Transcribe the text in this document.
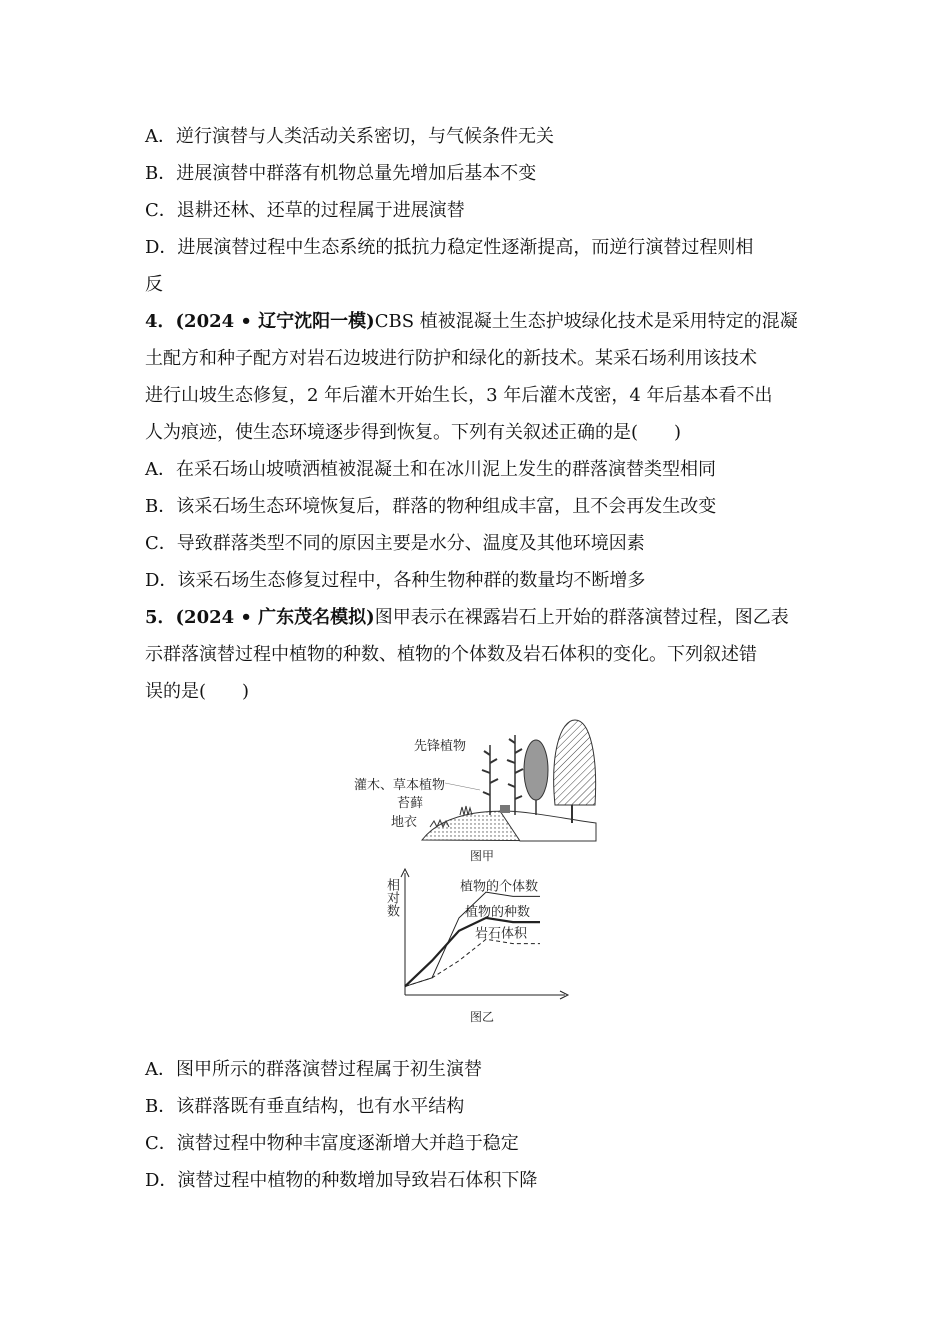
A．逆行演替与人类活动关系密切，与气候条件无关
B．进展演替中群落有机物总量先增加后基本不变
C．退耕还林、还草的过程属于进展演替
D．进展演替过程中生态系统的抵抗力稳定性逐渐提高，而逆行演替过程则相
反
4．(2024 • 辽宁沈阳一模)CBS 植被混凝土生态护坡绿化技术是采用特定的混凝
土配方和种子配方对岩石边坡进行防护和绿化的新技术。某采石场利用该技术
进行山坡生态修复，2 年后灌木开始生长，3 年后灌木茂密，4 年后基本看不出
人为痕迹，使生态环境逐步得到恢复。下列有关叙述正确的是(　　)
A．在采石场山坡喷洒植被混凝土和在冰川泥上发生的群落演替类型相同
B．该采石场生态环境恢复后，群落的物种组成丰富，且不会再发生改变
C．导致群落类型不同的原因主要是水分、温度及其他环境因素
D．该采石场生态修复过程中，各种生物种群的数量均不断增多
5．(2024 • 广东茂名模拟)图甲表示在裸露岩石上开始的群落演替过程，图乙表
示群落演替过程中植物的种数、植物的个体数及岩石体积的变化。下列叙述错
误的是(　　)
先锋植物
灌木、草本植物
苔藓
地衣
图甲
植物的个体数
植物的种数
岩石体积
相对数
图乙
A．图甲所示的群落演替过程属于初生演替
B．该群落既有垂直结构，也有水平结构
C．演替过程中物种丰富度逐渐增大并趋于稳定
D．演替过程中植物的种数增加导致岩石体积下降
